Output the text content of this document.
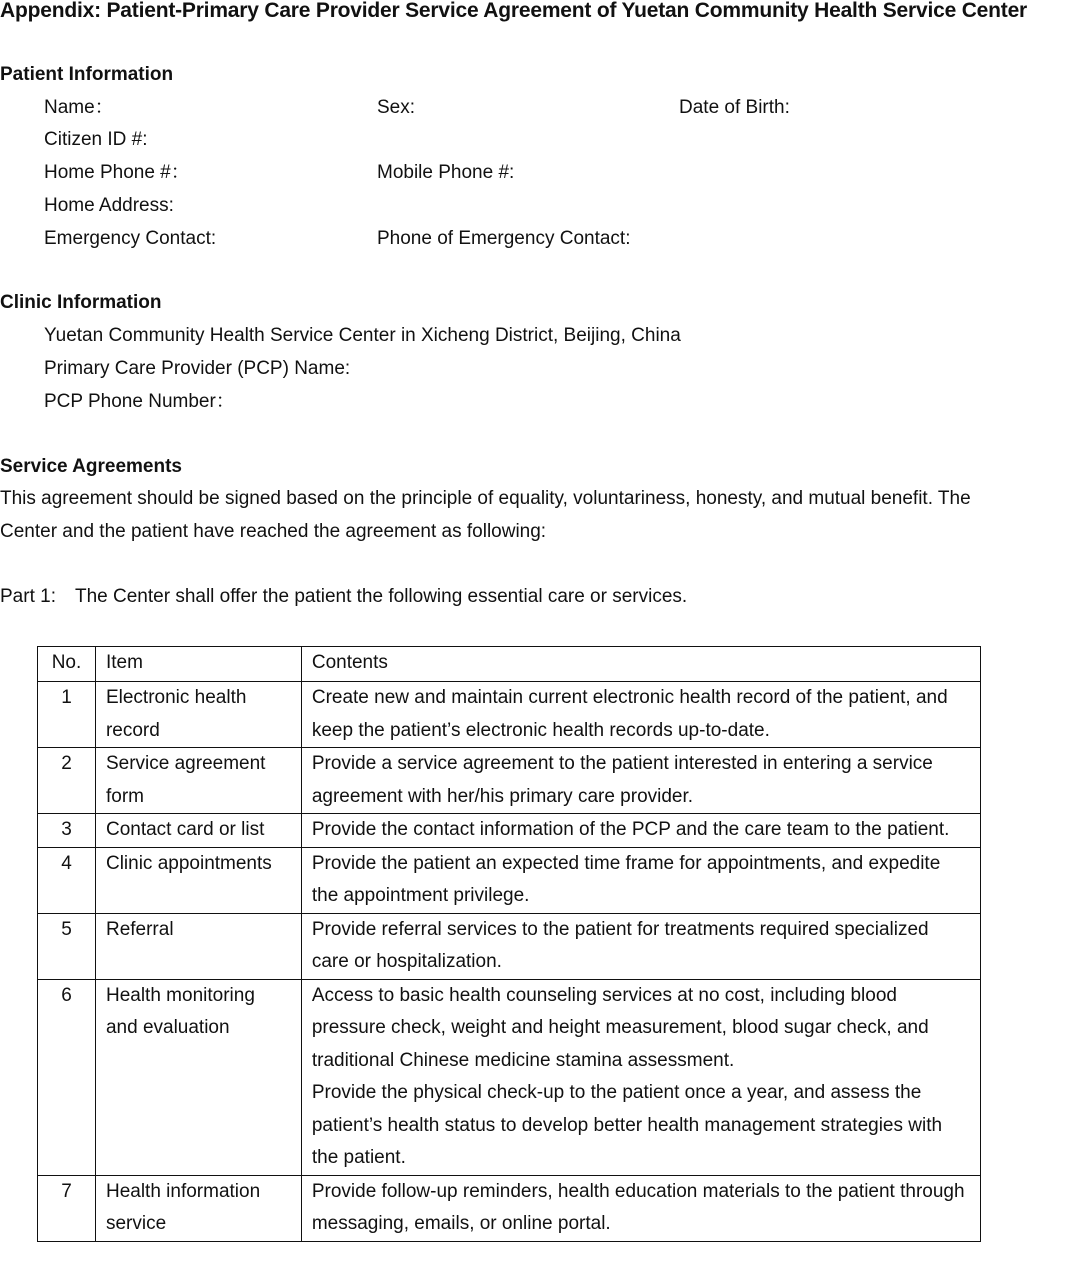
Appendix: Patient-Primary Care Provider Service Agreement of Yuetan Community Health Service Center
Patient Information
Name：	Sex:	Date of Birth:
Citizen ID #:
Home Phone #：	Mobile Phone #:
Home Address:
Emergency Contact:	Phone of Emergency Contact:
Clinic Information
Yuetan Community Health Service Center in Xicheng District, Beijing, China
Primary Care Provider (PCP) Name:
PCP Phone Number：
Service Agreements
This agreement should be signed based on the principle of equality, voluntariness, honesty, and mutual benefit. The Center and the patient have reached the agreement as following:
Part 1: The Center shall offer the patient the following essential care or services.
No.	Item	Contents
1	Electronic health record	Create new and maintain current electronic health record of the patient, and keep the patient’s electronic health records up-to-date.

2	Service agreement form	Provide a service agreement to the patient interested in entering a service agreement with her/his primary care provider.

3	Contact card or list	Provide the contact information of the PCP and the care team to the patient.

4	Clinic appointments	Provide the patient an expected time frame for appointments, and expedite the appointment privilege.

5	Referral	Provide referral services to the patient for treatments required specialized care or hospitalization.

6	Health monitoring and evaluation	Access to basic health counseling services at no cost, including blood pressure check, weight and height measurement, blood sugar check, and traditional Chinese medicine stamina assessment.
Provide the physical check-up to the patient once a year, and assess the patient’s health status to develop better health management strategies with the patient.

7	Health information service	Provide follow-up reminders, health education materials to the patient through messaging, emails, or online portal.
